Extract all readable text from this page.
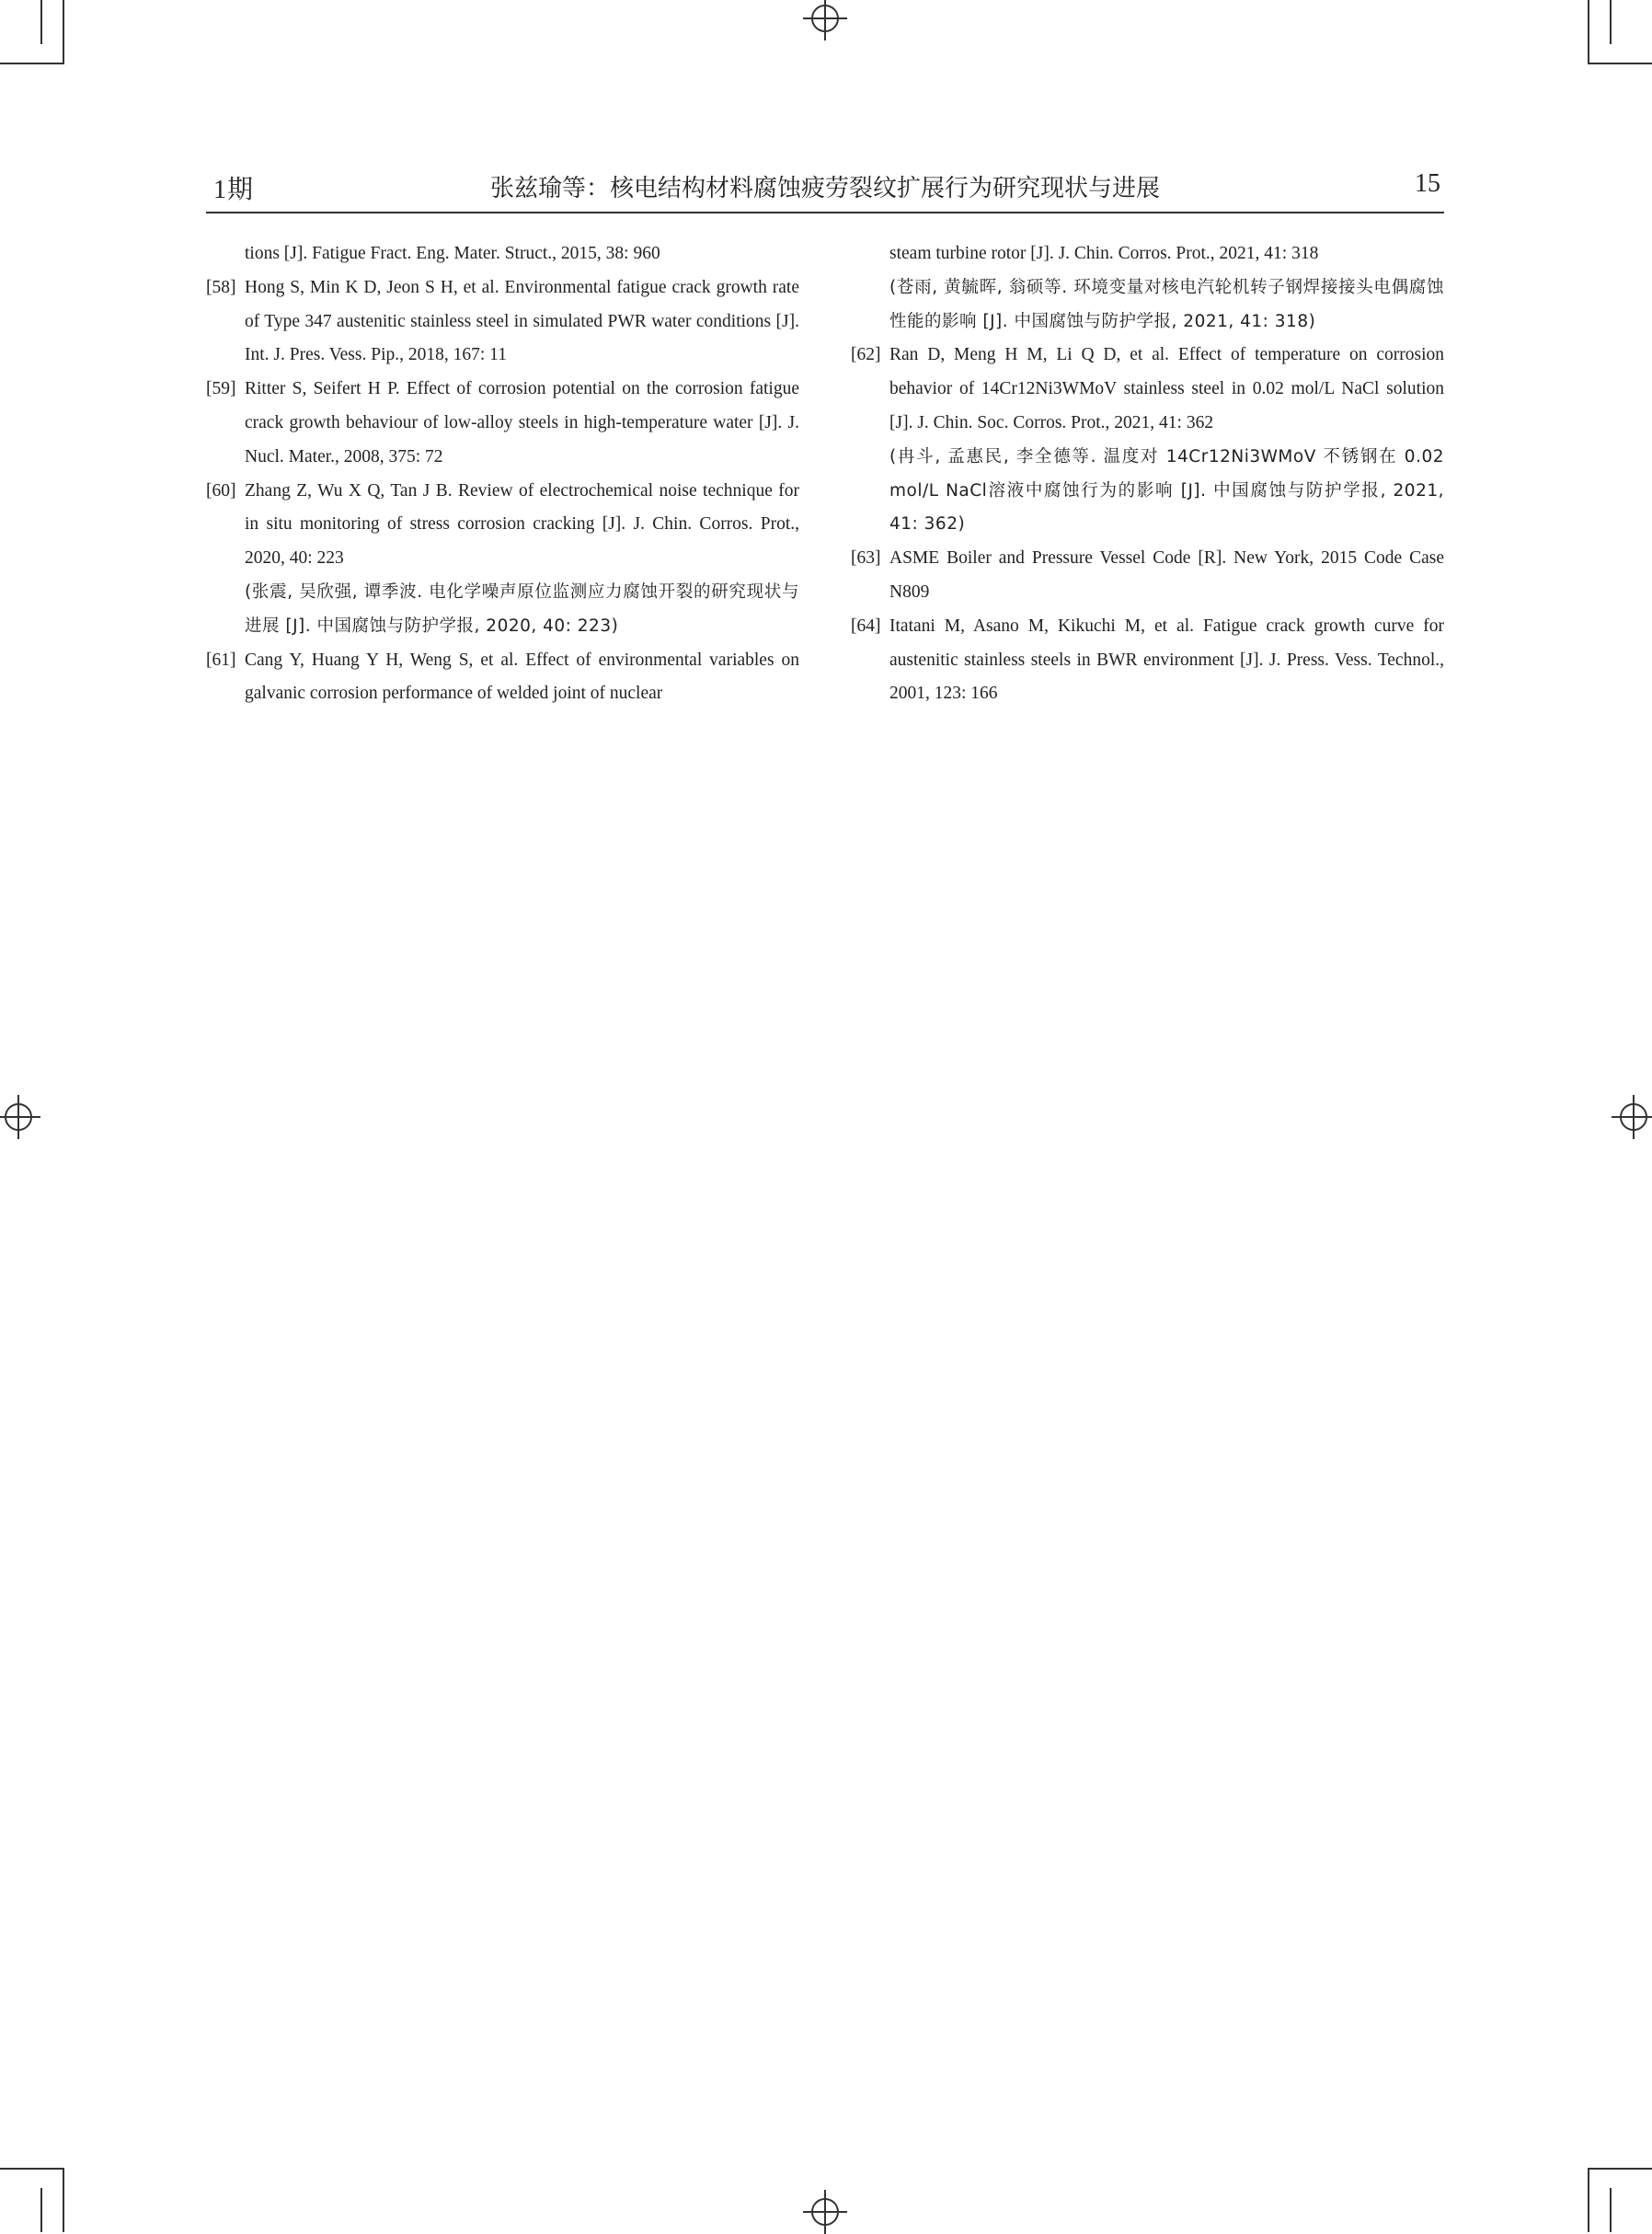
1期	张兹瑜等：核电结构材料腐蚀疲劳裂纹扩展行为研究现状与进展	15
tions [J]. Fatigue Fract. Eng. Mater. Struct., 2015, 38: 960
[58] Hong S, Min K D, Jeon S H, et al. Environmental fatigue crack growth rate of Type 347 austenitic stainless steel in simulated PWR water conditions [J]. Int. J. Pres. Vess. Pip., 2018, 167: 11
[59] Ritter S, Seifert H P. Effect of corrosion potential on the corrosion fatigue crack growth behaviour of low-alloy steels in high-temperature water [J]. J. Nucl. Mater., 2008, 375: 72
[60] Zhang Z, Wu X Q, Tan J B. Review of electrochemical noise technique for in situ monitoring of stress corrosion cracking [J]. J. Chin. Corros. Prot., 2020, 40: 223
(张震, 吴欣强, 谭季波. 电化学噪声原位监测应力腐蚀开裂的研究现状与进展 [J]. 中国腐蚀与防护学报, 2020, 40: 223)
[61] Cang Y, Huang Y H, Weng S, et al. Effect of environmental variables on galvanic corrosion performance of welded joint of nuclear
steam turbine rotor [J]. J. Chin. Corros. Prot., 2021, 41: 318
(苍雨, 黄毓晖, 翁硕等. 环境变量对核电汽轮机转子钢焊接接头电偶腐蚀性能的影响 [J]. 中国腐蚀与防护学报, 2021, 41: 318)
[62] Ran D, Meng H M, Li Q D, et al. Effect of temperature on corrosion behavior of 14Cr12Ni3WMoV stainless steel in 0.02 mol/L NaCl solution [J]. J. Chin. Soc. Corros. Prot., 2021, 41: 362
(冉斗, 孟惠民, 李全德等. 温度对 14Cr12Ni3WMoV 不锈钢在 0.02 mol/L NaCl溶液中腐蚀行为的影响 [J]. 中国腐蚀与防护学报, 2021, 41: 362)
[63] ASME Boiler and Pressure Vessel Code [R]. New York, 2015 Code Case N809
[64] Itatani M, Asano M, Kikuchi M, et al. Fatigue crack growth curve for austenitic stainless steels in BWR environment [J]. J. Press. Vess. Technol., 2001, 123: 166
